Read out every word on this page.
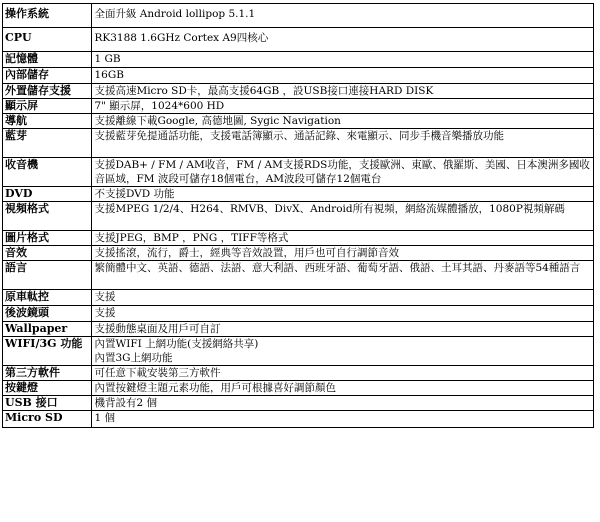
操作系統	全面升級 Android lollipop 5.1.1
CPU	RK3188 1.6GHz Cortex A9四核心
記憶體	1 GB
內部儲存	16GB
外置儲存支援	支援高速Micro SD卡，最高支援64GB ，設USB接口連接HARD DISK
顯示屏	7" 顯示屏，1024*600 HD
導航	支援離線下載Google, 高德地圖, Sygic Navigation
藍芽	支援藍芽免提通話功能，支援電話簿顯示、通話記錄、來電顯示、同步手機音樂播放功能
收音機	支援DAB+ / FM / AM收音，FM / AM支援RDS功能，支援歐洲、東歐、俄羅斯、美國、日本澳洲多國收音區域，FM 波段可儲存18個電台，AM波段可儲存12個電台
DVD	不支援DVD 功能
視頻格式	支援MPEG 1/2/4、H264、RMVB、DivX、Android所有視頻，網絡流媒體播放，1080P視頻解碼
圖片格式	支援JPEG，BMP ，PNG ，TIFF等格式
音效	支援搖滾，流行，爵士，經典等音效設置，用戶也可自行調節音效
語言	繁簡體中文、英語、德語、法語、意大利語、西班牙語、葡萄牙語、俄語、土耳其語、丹麥語等54種語言
原車軚控	支援
後波鏡頭	支援
Wallpaper	支援動態桌面及用戶可自訂
WIFI/3G 功能	內置WIFI 上網功能(支援網絡共享)
內置3G上網功能

第三方軟件	可任意下載安裝第三方軟件
按鍵燈	內置按鍵燈主題元素功能，用戶可根據喜好調節顏色
USB 接口	機背設有2 個
Micro SD	1 個
